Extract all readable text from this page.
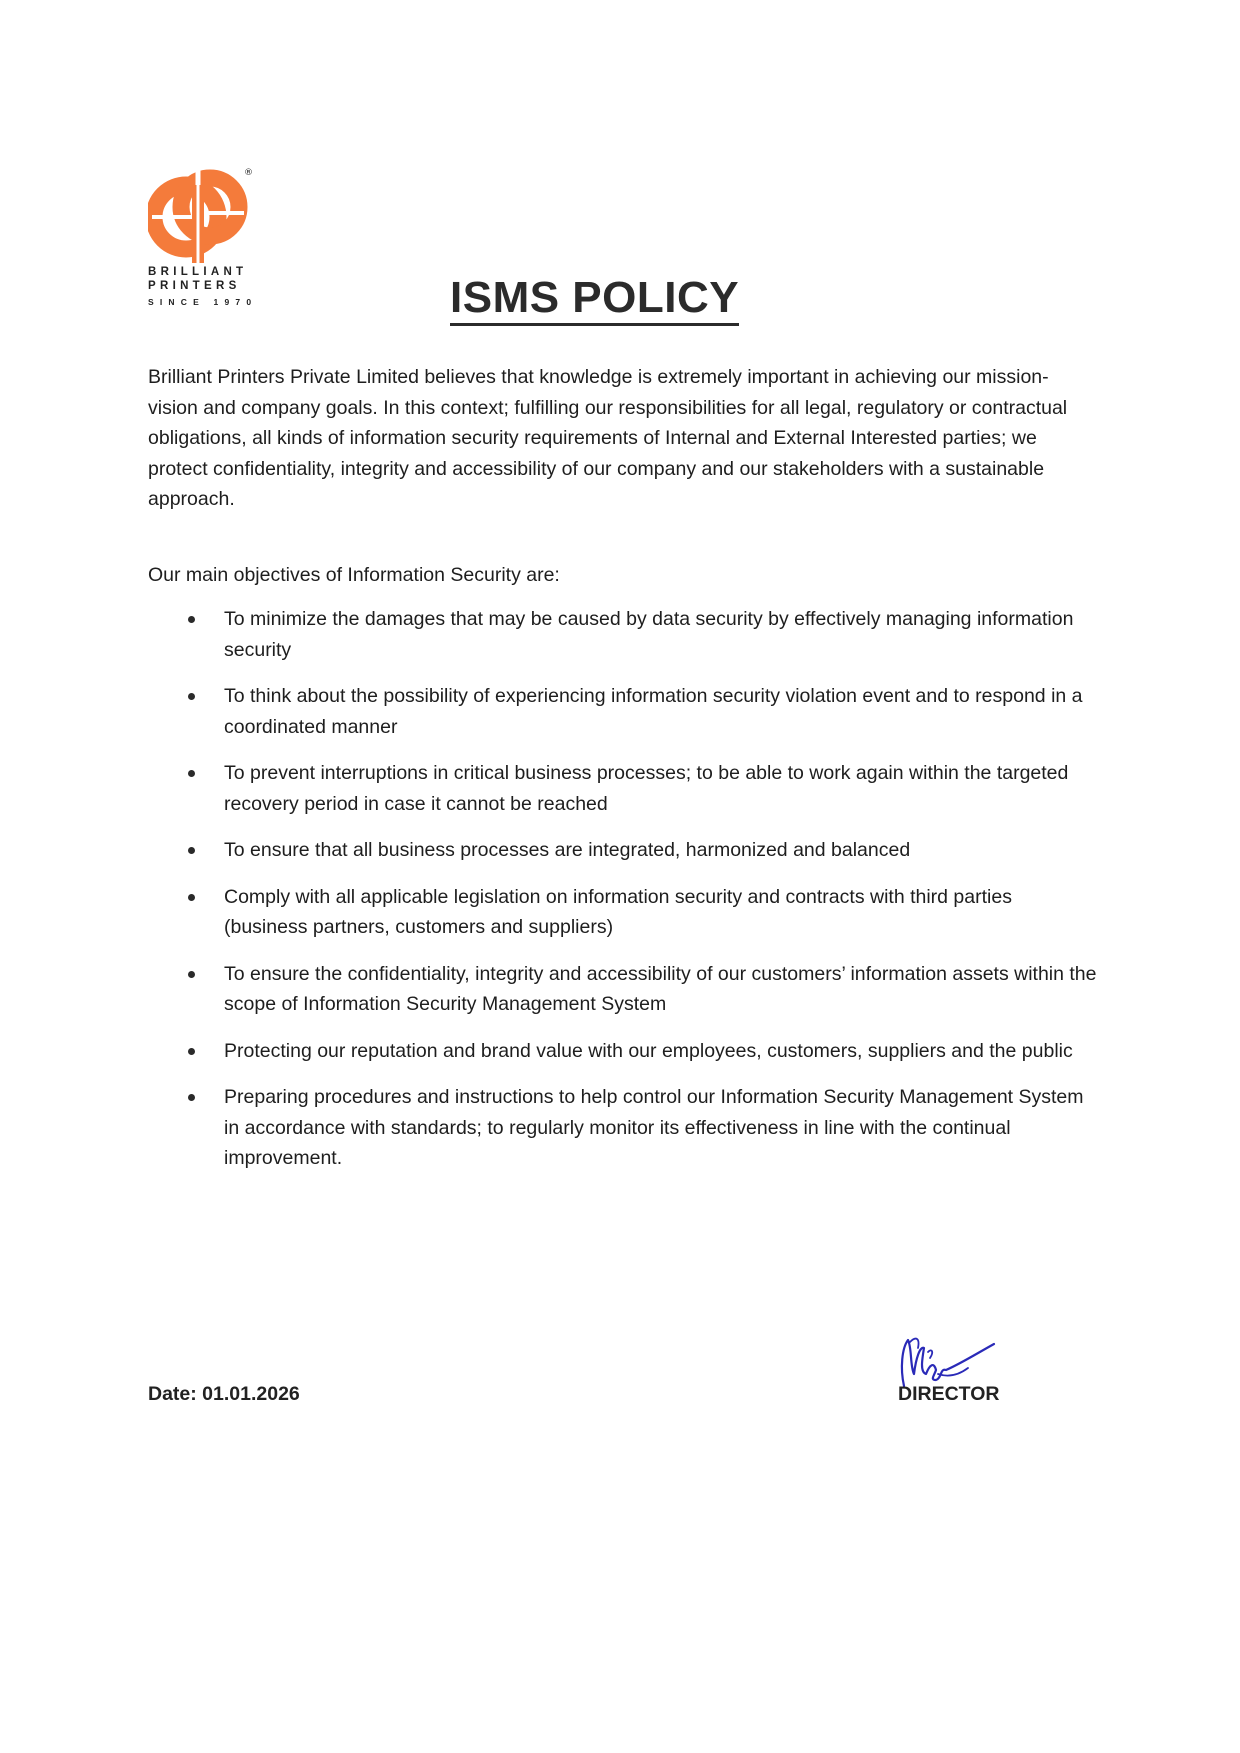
®

BRILLIANT

PRINTERS

SINCE 1970	ISMS POLICY

Brilliant Printers Private Limited believes that knowledge is extremely important in achieving our mission-vision and company goals. In this context; fulfilling our responsibilities for all legal, regulatory or contractual obligations, all kinds of information security requirements of Internal and External Interested parties; we protect confidentiality, integrity and accessibility of our company and our stakeholders with a sustainable approach.

Our main objectives of Information Security are:

To minimize the damages that may be caused by data security by effectively managing information security
To think about the possibility of experiencing information security violation event and to respond in a coordinated manner
To prevent interruptions in critical business processes; to be able to work again within the targeted recovery period in case it cannot be reached
To ensure that all business processes are integrated, harmonized and balanced
Comply with all applicable legislation on information security and contracts with third parties (business partners, customers and suppliers)
To ensure the confidentiality, integrity and accessibility of our customers’ information assets within the scope of Information Security Management System
Protecting our reputation and brand value with our employees, customers, suppliers and the public
Preparing procedures and instructions to help control our Information Security Management System in accordance with standards; to regularly monitor its effectiveness in line with the continual improvement.
Date: 01.01.2026	DIRECTOR
